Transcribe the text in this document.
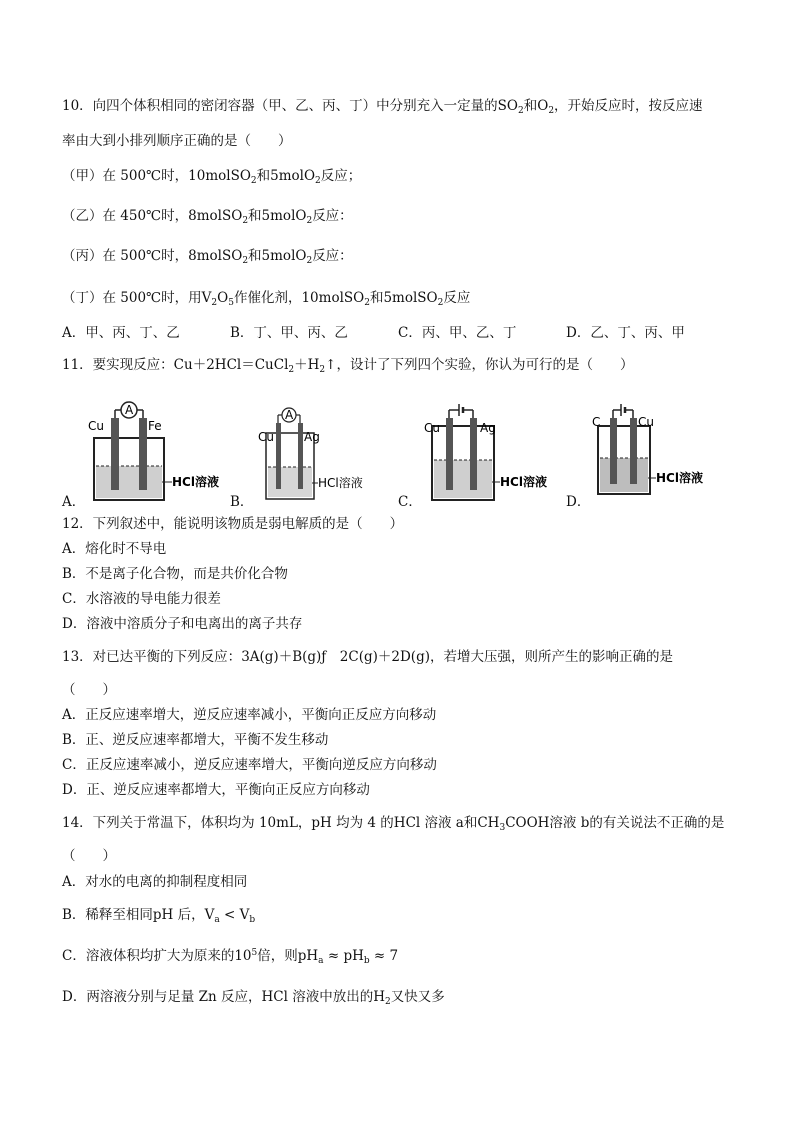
10．向四个体积相同的密闭容器（甲、乙、丙、丁）中分别充入一定量的$SO_2$和$O_2$，开始反应时，按反应速
率由大到小排列顺序正确的是（　　）
（甲）在 500℃时，10molSO$_2$和5molO$_2$反应；
（乙）在 450℃时，8molSO$_2$和5molO$_2$反应：
（丙）在 500℃时，8molSO$_2$和5molO$_2$反应：
（丁）在 500℃时，用$V_2O_5$作催化剂，10molSO$_2$和5molSO$_2$反应
A．甲、丙、丁、乙	B．丁、甲、丙、乙	C．丙、甲、乙、丁	D．乙、丁、丙、甲
11．要实现反应：$Cu+2HCl=CuCl_2+H_2↑$，设计了下列四个实验，你认为可行的是（　　）
A．
A
Cu	Fe
HCl溶液
B．
A
Cu	Ag
HCl溶液
C．
Cu	Ag
HCl溶液
D．
C	Cu
HCl溶液
12．下列叙述中，能说明该物质是弱电解质的是（　　）
A．熔化时不导电
B．不是离子化合物，而是共价化合物
C．水溶液的导电能力很差
D．溶液中溶质分子和电离出的离子共存
13．对已达平衡的下列反应：3A(g)＋B(g)ƒ　2C(g)＋2D(g)，若增大压强，则所产生的影响正确的是
（　　）
A．正反应速率增大，逆反应速率减小，平衡向正反应方向移动
B．正、逆反应速率都增大，平衡不发生移动
C．正反应速率减小，逆反应速率增大，平衡向逆反应方向移动
D．正、逆反应速率都增大，平衡向正反应方向移动
14．下列关于常温下，体积均为 10mL，pH 均为 4 的HCl 溶液 a和$CH_3COOH$溶液 b的有关说法不正确的是
（　　）
A．对水的电离的抑制程度相同
B．稀释至相同pH 后，$V_a < V_b$
C．溶液体积均扩大为原来的$10^5$倍，则$pH_a \approx pH_b \approx 7$
D．两溶液分别与足量 Zn 反应，HCl 溶液中放出的$H_2$又快又多
